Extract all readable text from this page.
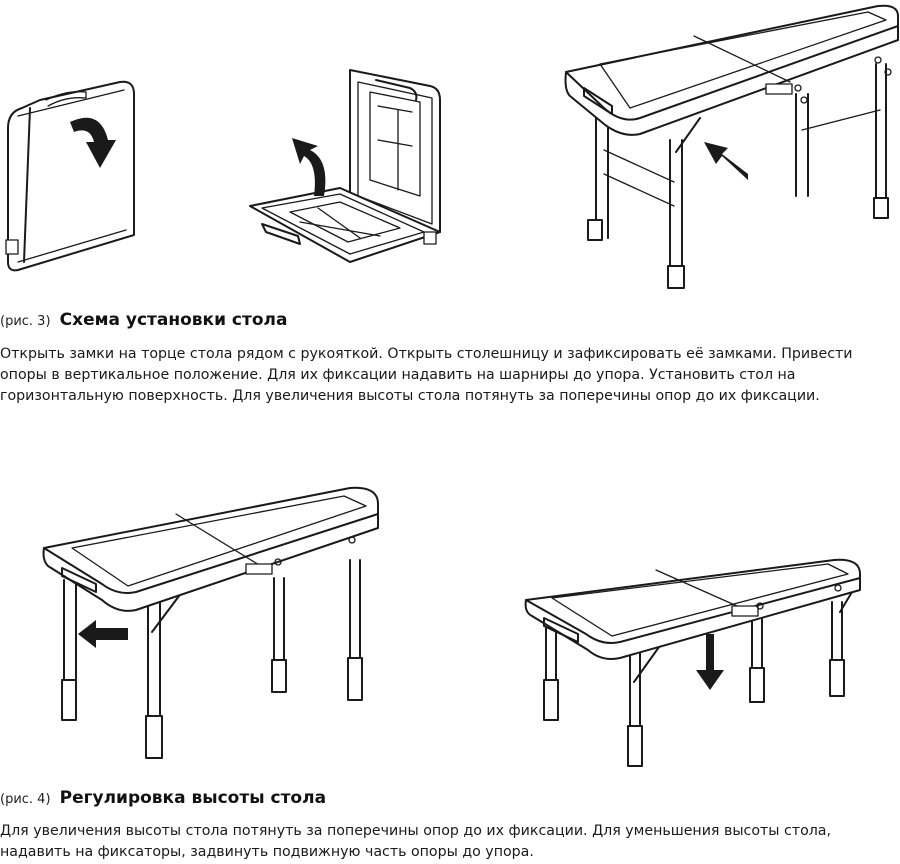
(рис. 3) Схема установки стола
Открыть замки на торце стола рядом с рукояткой. Открыть столешницу и зафиксировать её замками. Привести опоры в вертикальное положение. Для их фиксации надавить на шарниры до упора. Установить стол на горизонтальную поверхность. Для увеличения высоты стола потянуть за поперечины опор до их фиксации.
(рис. 4) Регулировка высоты стола
Для увеличения высоты стола потянуть за поперечины опор до их фиксации. Для уменьшения высоты стола, надавить на фиксаторы, задвинуть подвижную часть опоры до упора.
